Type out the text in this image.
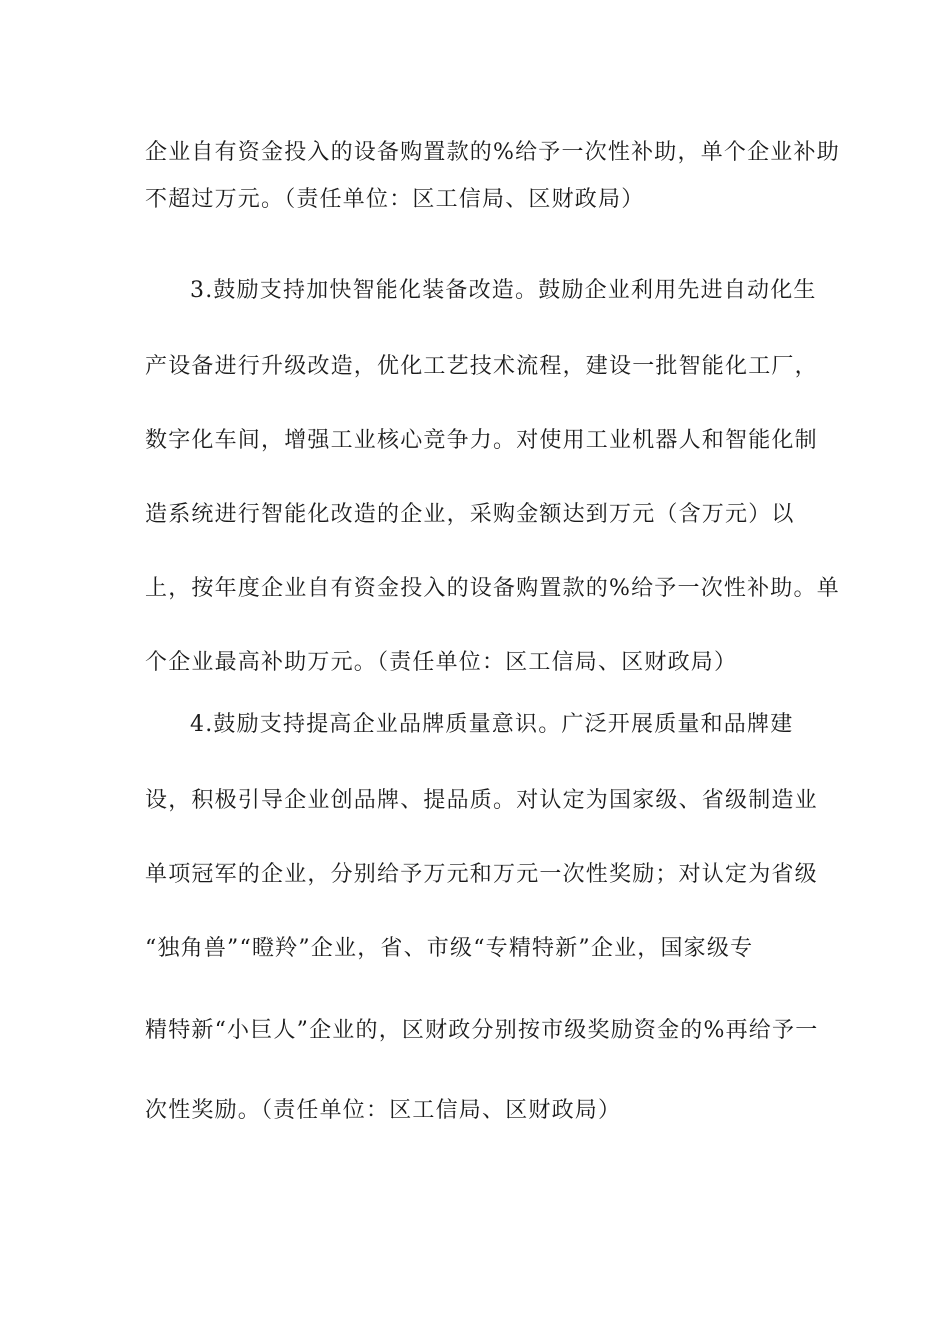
企业自有资金投入的设备购置款的%给予一次性补助，单个企业补助
不超过万元。（责任单位：区工信局、区财政局）
3.鼓励支持加快智能化装备改造。鼓励企业利用先进自动化生
产设备进行升级改造，优化工艺技术流程，建设一批智能化工厂，
数字化车间，增强工业核心竞争力。对使用工业机器人和智能化制
造系统进行智能化改造的企业，采购金额达到万元（含万元）以
上，按年度企业自有资金投入的设备购置款的%给予一次性补助。单
个企业最高补助万元。（责任单位：区工信局、区财政局）
4.鼓励支持提高企业品牌质量意识。广泛开展质量和品牌建
设，积极引导企业创品牌、提品质。对认定为国家级、省级制造业
单项冠军的企业，分别给予万元和万元一次性奖励；对认定为省级
“独角兽”“瞪羚”企业，省、市级“专精特新”企业，国家级专
精特新“小巨人”企业的，区财政分别按市级奖励资金的%再给予一
次性奖励。（责任单位：区工信局、区财政局）
